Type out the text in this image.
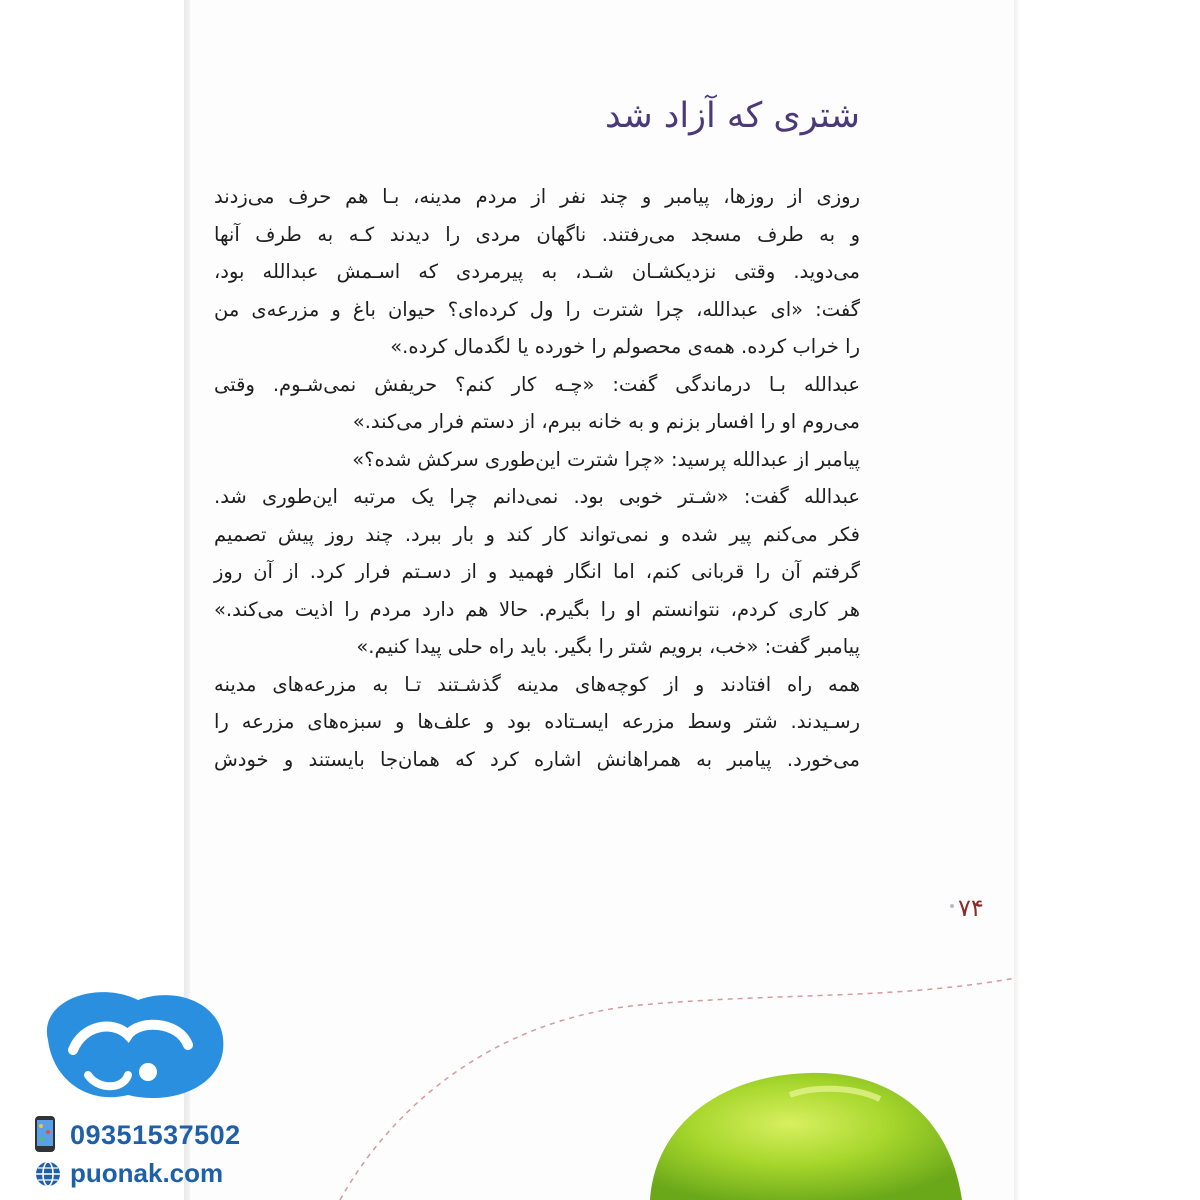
شتری که آزاد شد
روزی از روزها، پیامبر و چند نفر از مردم مدینه، بـا هم حرف می‌زدند
و به طرف مسجد می‌رفتند. ناگهان مردی را دیدند کـه به طرف آنها
می‌دوید. وقتی نزدیکشـان شـد، به پیرمردی که اسـمش عبدالله بود،
گفت: «ای عبدالله، چرا شترت را ول کرده‌ای؟ حیوان باغ و مزرعه‌ی من
را خراب کرده. همه‌ی محصولم را خورده یا لگدمال کرده.»
عبدالله بـا درماندگی گفت: «چـه کار کنم؟ حریفش نمی‌شـوم. وقتی
می‌روم او را افسار بزنم و به خانه ببرم، از دستم فرار می‌کند.»
پیامبر از عبدالله پرسید: «چرا شترت این‌طوری سرکش شده؟»
عبدالله گفت: «شـتر خوبی بود. نمی‌دانم چرا یک مرتبه این‌طوری شد.
فکر می‌کنم پیر شده و نمی‌تواند کار کند و بار ببرد. چند روز پیش تصمیم
گرفتم آن را قربانی کنم، اما انگار فهمید و از دسـتم فرار کرد. از آن روز
هر کاری کردم، نتوانستم او را بگیرم. حالا هم دارد مردم را اذیت می‌کند.»
پیامبر گفت: «خب، برویم شتر را بگیر. باید راه حلی پیدا کنیم.»
همه راه افتادند و از کوچه‌های مدینه گذشـتند تـا به مزرعه‌های مدینه
رسـیدند. شتر وسط مزرعه ایسـتاده بود و علف‌ها و سبزه‌های مزرعه را
می‌خورد. پیامبر به همراهانش اشاره کرد که همان‌جا بایستند و خودش
۷۴
09351537502
puonak.com
